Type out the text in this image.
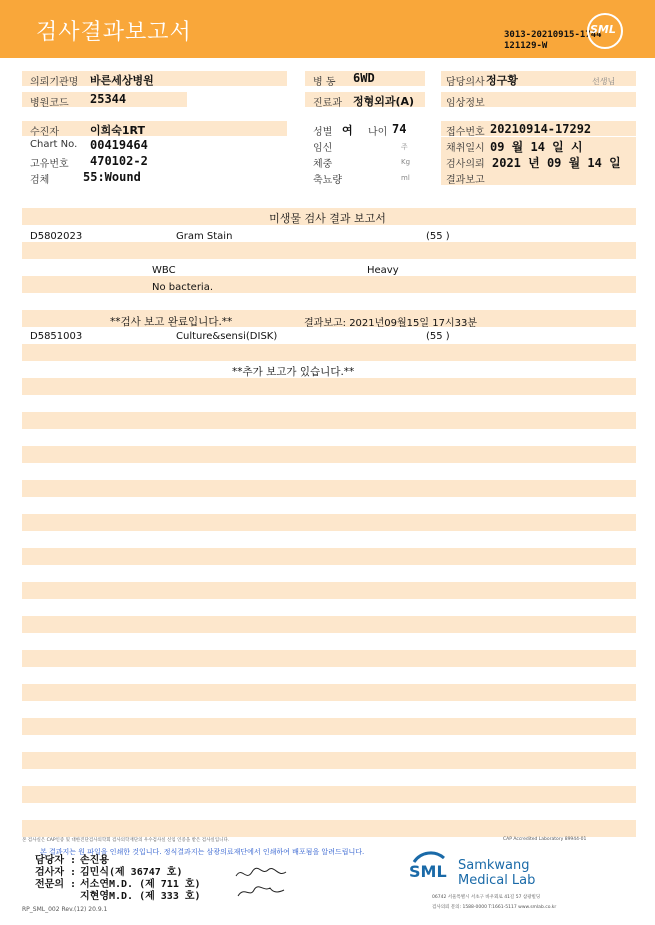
검사결과보고서	3013-20210915-1744
121129-W
SML
의뢰기관명 바른세상병원
병원코드 25344
병 동 6WD
진료과 정형외과(A)
담당의사 정구황	선생님
임상정보
수진자	이희숙1RT
Chart No. 00419464
고유번호 470102-2
검체	55:Wound
성별 여 나이 74
임신	주
체중	Kg
축뇨량	ml
접수번호 20210914-17292
채취일시 09 월 14 일 시
검사의뢰 2021 년 09 월 14 일
결과보고
미생물 검사 결과 보고서
D5802023	Gram Stain	(55 )
WBC	Heavy
No bacteria.
**검사 보고 완료입니다.**	결과보고: 2021년09월15일 17시33분
D5851003	Culture&sensi(DISK)	(55 )
**추가 보고가 있습니다.**
본 검사실은 CAP인증 및 대한진단검사의학회 검사의학재단의 우수검사실 신임 인증을 받은 검사실입니다.	CAP Accredited Laboratory 89944-01
본 결과지는 원 파일을 인쇄한 것입니다. 정식결과지는 삼광의료재단에서 인쇄하여 배포됨을 알려드립니다.
담당자 : 손진용
검사자 : 김민식(제 36747 호)
전문의 : 서소연M.D. (제 711 호)
지현영M.D. (제 333 호)
RP_SML_002 Rev.(12) 20.9.1
SML Samkwang
Medical Lab
06742 서울특별시 서초구 바우뫼로 41길 57 삼광빌딩
검사의뢰 문의: 1588-0000 T:1661-5117 www.smlab.co.kr
